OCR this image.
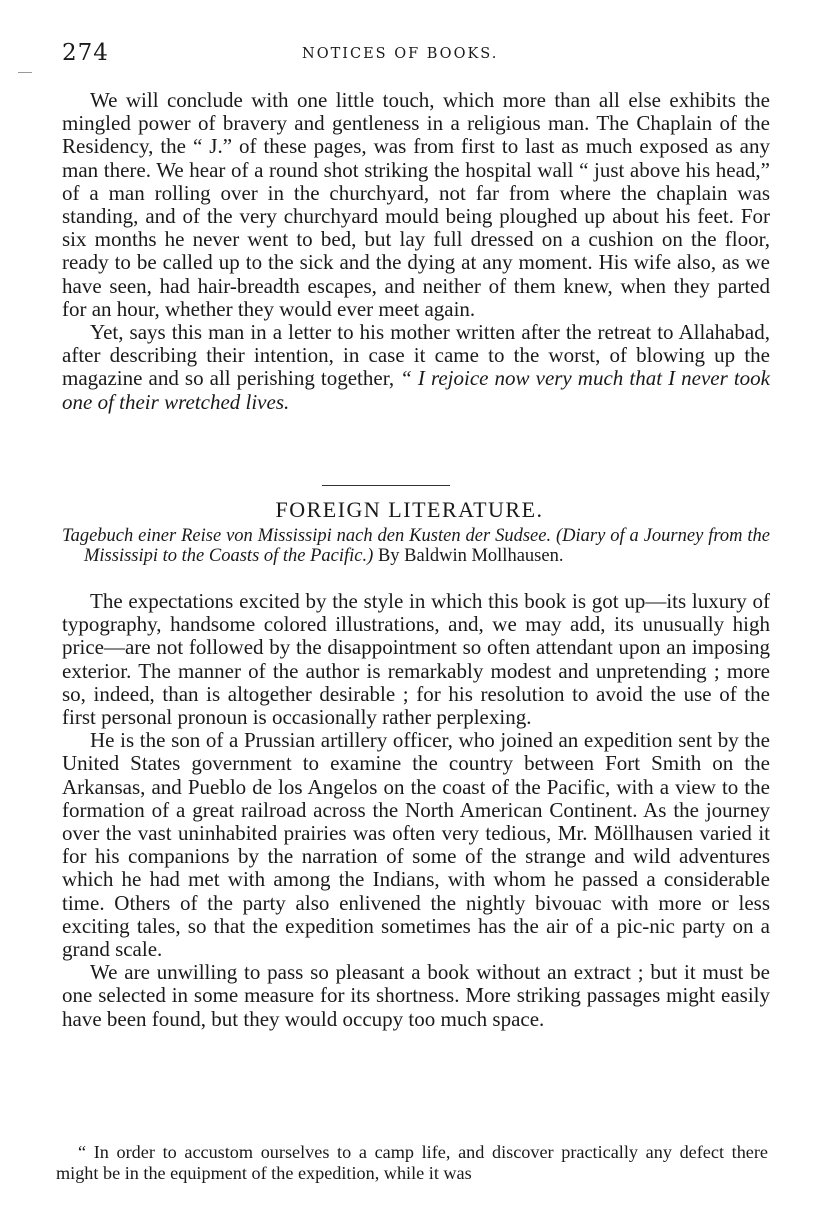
274	NOTICES OF BOOKS.

We will conclude with one little touch, which more than all else exhibits the mingled power of bravery and gentleness in a religious man. The Chaplain of the Residency, the “ J.” of these pages, was from first to last as much exposed as any man there. We hear of a round shot striking the hospital wall “ just above his head,” of a man rolling over in the churchyard, not far from where the chaplain was standing, and of the very churchyard mould being ploughed up about his feet. For six months he never went to bed, but lay full dressed on a cushion on the floor, ready to be called up to the sick and the dying at any moment. His wife also, as we have seen, had hair-breadth escapes, and neither of them knew, when they parted for an hour, whether they would ever meet again.

Yet, says this man in a letter to his mother written after the retreat to Allahabad, after describing their intention, in case it came to the worst, of blowing up the magazine and so all perishing together, “ I rejoice now very much that I never took one of their wretched lives.

FOREIGN LITERATURE.
Tagebuch einer Reise von Mississipi nach den Kusten der Sudsee. (Diary of a Journey from the Mississipi to the Coasts of the Pacific.) By Baldwin Mollhausen.

The expectations excited by the style in which this book is got up—its luxury of typography, handsome colored illustrations, and, we may add, its unusually high price—are not followed by the disappointment so often attendant upon an imposing exterior. The manner of the author is remarkably modest and unpretending ; more so, indeed, than is altogether desirable ; for his resolution to avoid the use of the first personal pronoun is occasionally rather perplexing.

He is the son of a Prussian artillery officer, who joined an expedition sent by the United States government to examine the country between Fort Smith on the Arkansas, and Pueblo de los Angelos on the coast of the Pacific, with a view to the formation of a great railroad across the North American Continent. As the journey over the vast uninhabited prairies was often very tedious, Mr. Möllhausen varied it for his companions by the narration of some of the strange and wild adventures which he had met with among the Indians, with whom he passed a considerable time. Others of the party also enlivened the nightly bivouac with more or less exciting tales, so that the expedition sometimes has the air of a pic-nic party on a grand scale.

We are unwilling to pass so pleasant a book without an extract ; but it must be one selected in some measure for its shortness. More striking passages might easily have been found, but they would occupy too much space.

“ In order to accustom ourselves to a camp life, and discover practically any defect there might be in the equipment of the expedition, while it was
